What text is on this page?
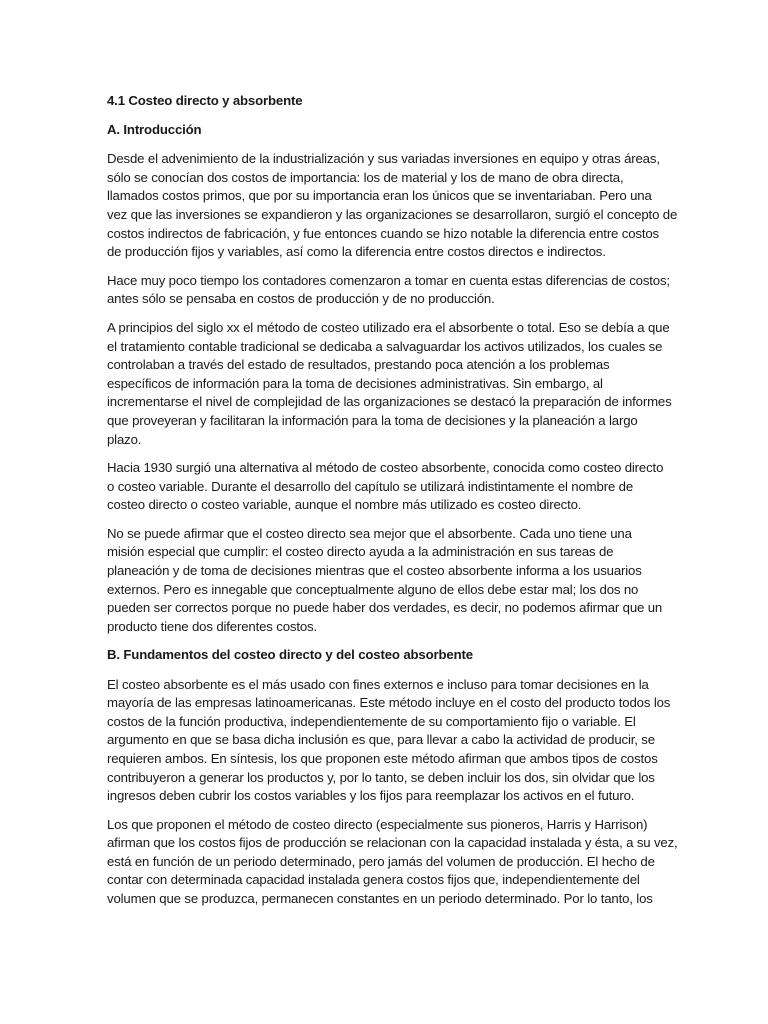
4.1 Costeo directo y absorbente
A. Introducción
Desde el advenimiento de la industrialización y sus variadas inversiones en equipo y otras áreas,
sólo se conocían dos costos de importancia: los de material y los de mano de obra directa,
llamados costos primos, que por su importancia eran los únicos que se inventariaban. Pero una
vez que las inversiones se expandieron y las organizaciones se desarrollaron, surgió el concepto de
costos indirectos de fabricación, y fue entonces cuando se hizo notable la diferencia entre costos
de producción fijos y variables, así como la diferencia entre costos directos e indirectos.
Hace muy poco tiempo los contadores comenzaron a tomar en cuenta estas diferencias de costos;
antes sólo se pensaba en costos de producción y de no producción.
A principios del siglo xx el método de costeo utilizado era el absorbente o total. Eso se debía a que
el tratamiento contable tradicional se dedicaba a salvaguardar los activos utilizados, los cuales se
controlaban a través del estado de resultados, prestando poca atención a los problemas
específicos de información para la toma de decisiones administrativas. Sin embargo, al
incrementarse el nivel de complejidad de las organizaciones se destacó la preparación de informes
que proveyeran y facilitaran la información para la toma de decisiones y la planeación a largo
plazo.
Hacia 1930 surgió una alternativa al método de costeo absorbente, conocida como costeo directo
o costeo variable. Durante el desarrollo del capítulo se utilizará indistintamente el nombre de
costeo directo o costeo variable, aunque el nombre más utilizado es costeo directo.
No se puede afirmar que el costeo directo sea mejor que el absorbente. Cada uno tiene una
misión especial que cumplir: el costeo directo ayuda a la administración en sus tareas de
planeación y de toma de decisiones mientras que el costeo absorbente informa a los usuarios
externos. Pero es innegable que conceptualmente alguno de ellos debe estar mal; los dos no
pueden ser correctos porque no puede haber dos verdades, es decir, no podemos afirmar que un
producto tiene dos diferentes costos.
B. Fundamentos del costeo directo y del costeo absorbente
El costeo absorbente es el más usado con fines externos e incluso para tomar decisiones en la
mayoría de las empresas latinoamericanas. Este método incluye en el costo del producto todos los
costos de la función productiva, independientemente de su comportamiento fijo o variable. El
argumento en que se basa dicha inclusión es que, para llevar a cabo la actividad de producir, se
requieren ambos. En síntesis, los que proponen este método afirman que ambos tipos de costos
contribuyeron a generar los productos y, por lo tanto, se deben incluir los dos, sin olvidar que los
ingresos deben cubrir los costos variables y los fijos para reemplazar los activos en el futuro.
Los que proponen el método de costeo directo (especialmente sus pioneros, Harris y Harrison)
afirman que los costos fijos de producción se relacionan con la capacidad instalada y ésta, a su vez,
está en función de un periodo determinado, pero jamás del volumen de producción. El hecho de
contar con determinada capacidad instalada genera costos fijos que, independientemente del
volumen que se produzca, permanecen constantes en un periodo determinado. Por lo tanto, los
